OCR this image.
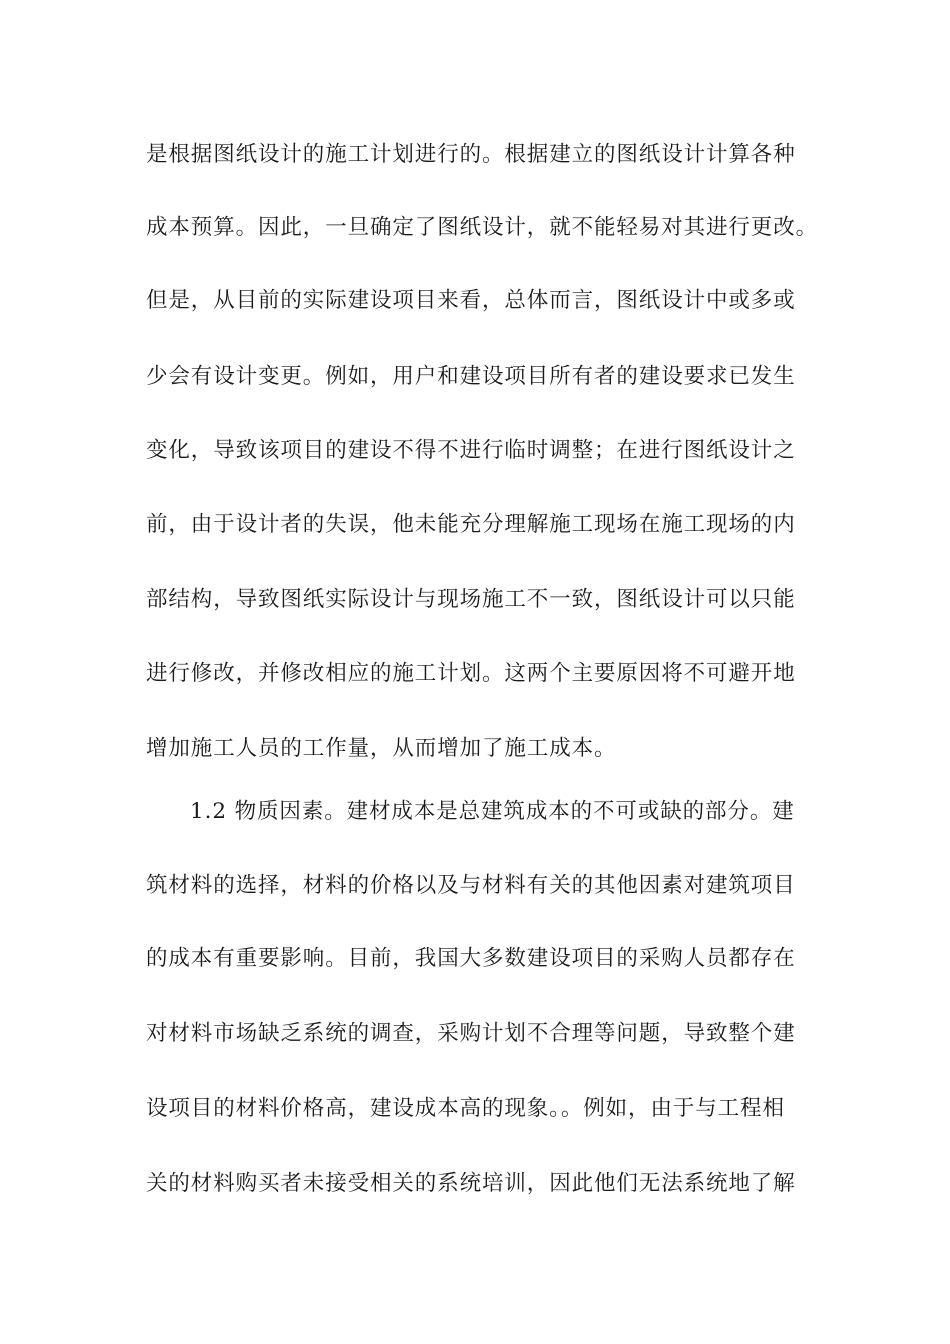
是根据图纸设计的施工计划进行的。根据建立的图纸设计计算各种
成本预算。因此，一旦确定了图纸设计，就不能轻易对其进行更改。
但是，从目前的实际建设项目来看，总体而言，图纸设计中或多或
少会有设计变更。例如，用户和建设项目所有者的建设要求已发生
变化，导致该项目的建设不得不进行临时调整；在进行图纸设计之
前，由于设计者的失误，他未能充分理解施工现场在施工现场的内
部结构，导致图纸实际设计与现场施工不一致，图纸设计可以只能
进行修改，并修改相应的施工计划。这两个主要原因将不可避开地
增加施工人员的工作量，从而增加了施工成本。
1.2 物质因素。建材成本是总建筑成本的不可或缺的部分。建
筑材料的选择，材料的价格以及与材料有关的其他因素对建筑项目
的成本有重要影响。目前，我国大多数建设项目的采购人员都存在
对材料市场缺乏系统的调查，采购计划不合理等问题，导致整个建
设项目的材料价格高，建设成本高的现象。。例如，由于与工程相
关的材料购买者未接受相关的系统培训，因此他们无法系统地了解
